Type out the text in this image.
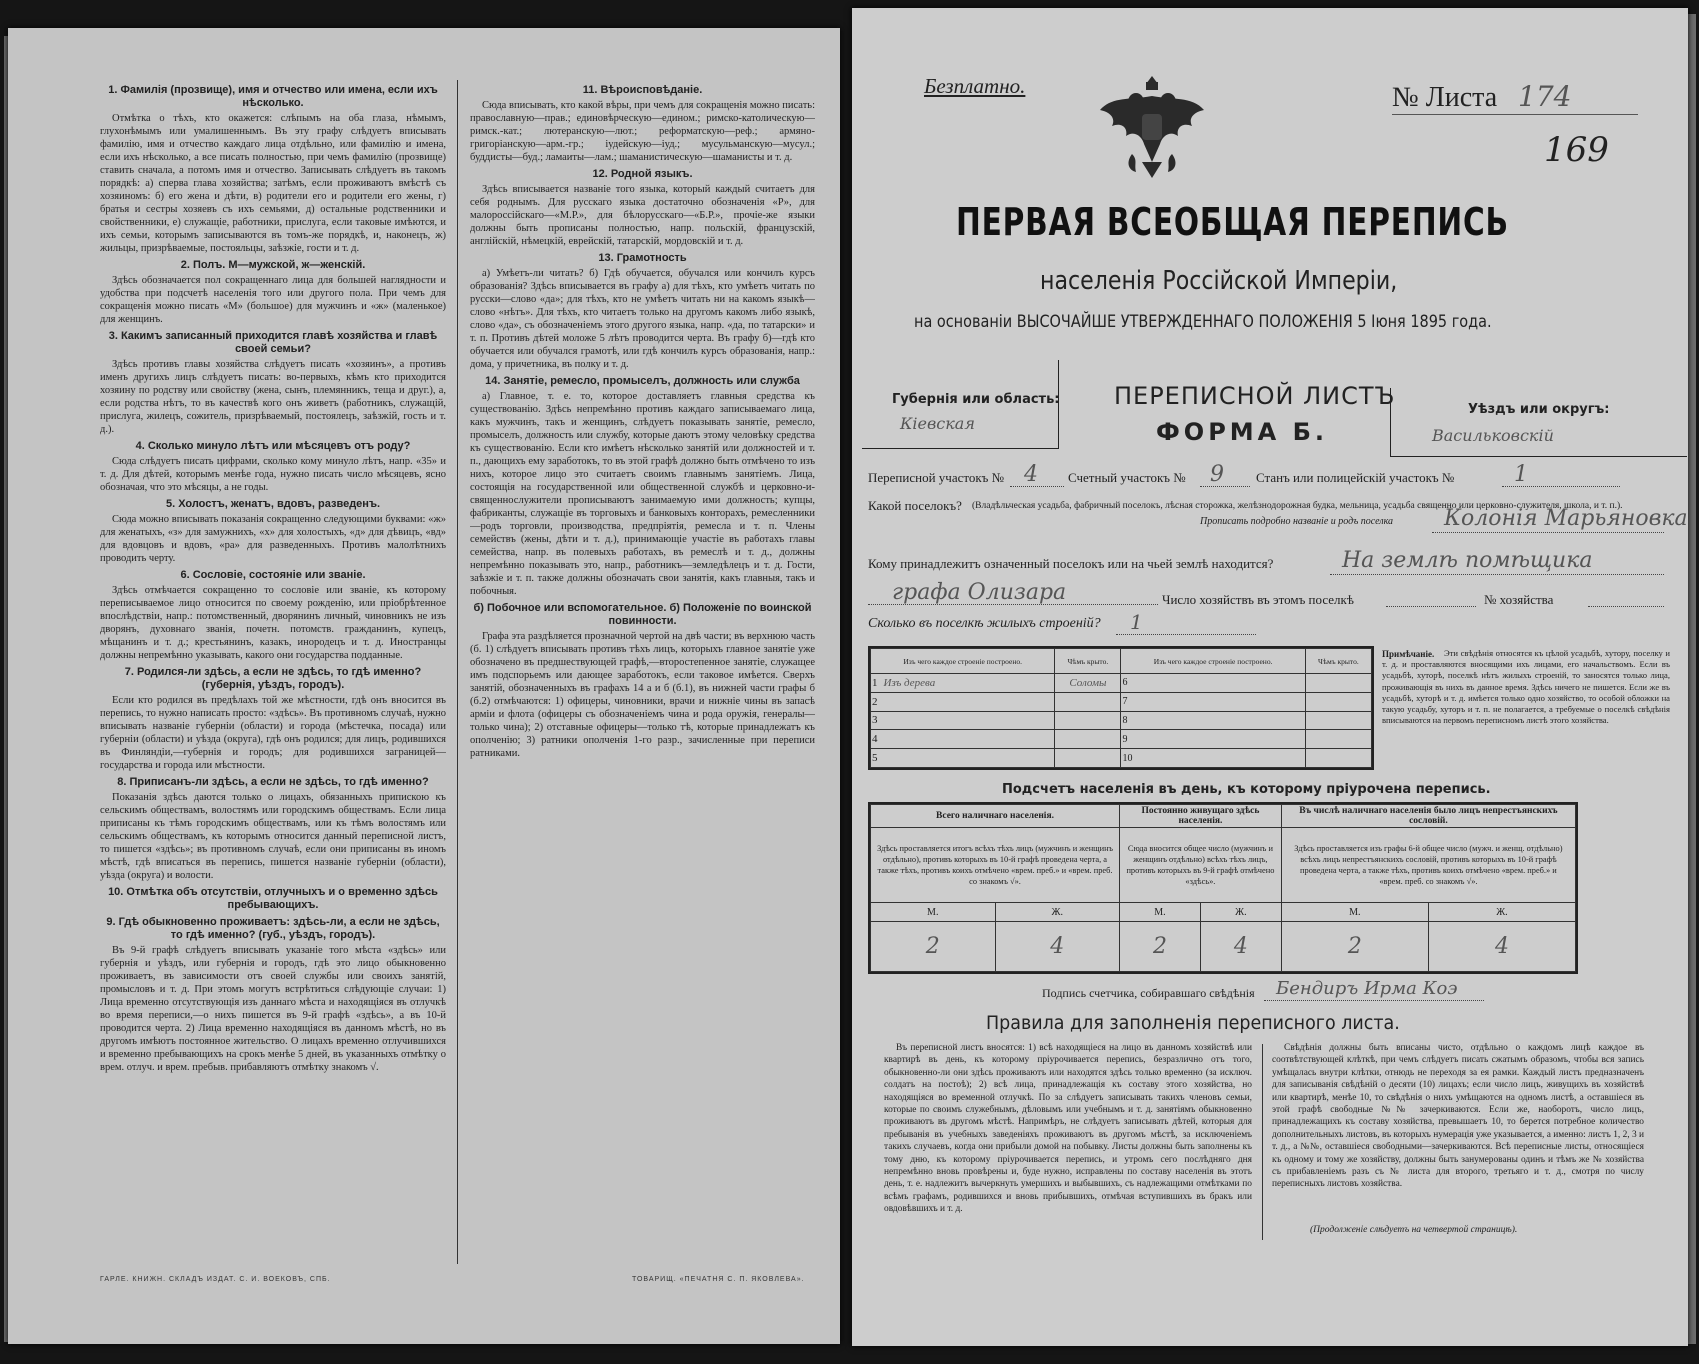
1. Фамилія (прозвище), имя и отчество или имена, если иxъ нѣсколько.

Отмѣтка о тѣхъ, кто окажется: слѣпымъ на оба глаза, нѣмымъ, глухонѣмымъ или умалишеннымъ. Въ эту графу слѣдуетъ вписывать фамилію, имя и отчество каждаго лица отдѣльно, или фамилію и имена, если ихъ нѣсколько, а все писать полностью, при чемъ фамилію (прозвище) ставить сначала, а потомъ имя и отчество. Записывать слѣдуетъ въ такомъ порядкѣ: а) сперва глава хозяйства; затѣмъ, если проживаютъ вмѣстѣ съ хозяиномъ: б) его жена и дѣти, в) родители его и родители его жены, г) братья и сестры хозяевъ съ ихъ семьями, д) остальные родственники и свойственники, е) служащіе, работники, прислуга, если таковые имѣются, и ихъ семьи, которымъ записываются въ томъ-же порядкѣ, и, наконецъ, ж) жильцы, призрѣваемые, постояльцы, заѣзжіе, гости и т. д.

2. Полъ. М—мужской, ж—женскій.

Здѣсь обозначается пол сокращеннаго лица для большей наглядности и удобства при подсчетѣ населенія того или другого пола. При чемъ для сокращенія можно писать «М» (большое) для мужчинъ и «ж» (маленькое) для женщинъ.

3. Какимъ записанный приходится главѣ хозяйства и главѣ своей семьи?

Здѣсь противъ главы хозяйства слѣдуетъ писать «хозяинъ», а противъ именъ другихъ лицъ слѣдуетъ писать: во-первыхъ, кѣмъ кто приходится хозяину по родству или свойству (жена, сынъ, племянникъ, теща и друг.), а, если родства нѣтъ, то въ качествѣ кого онъ живетъ (работникъ, служащій, прислуга, жилецъ, сожитель, призрѣваемый, постоялецъ, заѣзжій, гость и т. д.).

4. Сколько минуло лѣтъ или мѣсяцевъ отъ роду?

Сюда слѣдуетъ писать цифрами, сколько кому минуло лѣтъ, напр. «35» и т. д. Для дѣтей, которымъ менѣе года, нужно писать число мѣсяцевъ, ясно обозначая, что это мѣсяцы, а не годы.

5. Холостъ, женатъ, вдовъ, разведенъ.

Сюда можно вписывать показанія сокращенно следующими буквами: «ж» для женатыхъ, «з» для замужнихъ, «х» для холостыхъ, «д» для дѣвицъ, «вд» для вдовцовъ и вдовъ, «ра» для разведенныхъ. Противъ малолѣтнихъ проводить черту.

6. Сословіе, состояніе или званіе.

Здѣсь отмѣчается сокращенно то сословіе или званіе, къ которому переписываемое лицо относится по своему рожденію, или пріобрѣтенное впослѣдствіи, напр.: потомственный, дворянинъ личный, чиновникъ не изъ дворянъ, духовнаго званія, почетн. потомств. гражданинъ, купецъ, мѣщанинъ и т. д.; крестьянинъ, казакъ, инородецъ и т. д. Иностранцы должны непремѣнно указывать, какого они государства подданные.

7. Родился-ли здѣсь, а если не здѣсь, то гдѣ именно? (губернія, уѣздъ, городъ).

Если кто родился въ предѣлахъ той же мѣстности, гдѣ онъ вносится въ перепись, то нужно написать просто: «здѣсь». Въ противномъ случаѣ, нужно вписывать названіе губерніи (области) и города (мѣстечка, посада) или губерніи (области) и уѣзда (округа), гдѣ онъ родился; для лицъ, родившихся въ Финляндіи,—губернія и городъ; для родившихся заграницей—государства и города или мѣстности.

8. Приписанъ-ли здѣсь, а если не здѣсь, то гдѣ именно?

Показанія здѣсь даются только о лицахъ, обязанныхъ припискою къ сельскимъ обществамъ, волостямъ или городскимъ обществамъ. Если лица приписаны къ тѣмъ городскимъ обществамъ, или къ тѣмъ волостямъ или сельскимъ обществамъ, къ которымъ относится данный переписной листъ, то пишется «здѣсь»; въ противномъ случаѣ, если они приписаны въ иномъ мѣстѣ, гдѣ вписаться въ перепись, пишется названіе губерніи (области), уѣзда (округа) и волости.

10. Отмѣтка объ отсутствіи, отлучныхъ и о временно здѣсь пребывающихъ.
9. Гдѣ обыкновенно проживаетъ: здѣсь-ли, а если не здѣсь, то гдѣ именно? (губ., уѣздъ, городъ).

Въ 9-й графѣ слѣдуетъ вписывать указаніе того мѣста «здѣсь» или губернія и уѣздъ, или губернія и городъ, гдѣ это лицо обыкновенно проживаетъ, въ зависимости отъ своей службы или своихъ занятій, промысловъ и т. д. При этомъ могутъ встрѣтиться слѣдующіе случаи: 1) Лица временно отсутствующія изъ даннаго мѣста и находящіяся въ отлучкѣ во время переписи,—о нихъ пишется въ 9-й графѣ «здѣсь», а въ 10-й проводится черта. 2) Лица временно находящіяся въ данномъ мѣстѣ, но въ другомъ имѣютъ постоянное жительство. О лицахъ временно отлучившихся и временно пребывающихъ на срокъ менѣе 5 дней, въ указанныхъ отмѣтку о врем. отлуч. и врем. пребыв. прибавляютъ отмѣтку знакомъ √.

11. Вѣроисповѣданіе.

Сюда вписывать, кто какой вѣры, при чемъ для сокращенія можно писать: православную—прав.; единовѣрческую—едином.; римско-католическую—римск.-кат.; лютеранскую—лют.; реформатскую—реф.; армяно-григоріанскую—арм.-гр.; іудейскую—іуд.; мусульманскую—мусул.; буддисты—буд.; ламаиты—лам.; шаманистическую—шаманисты и т. д.

12. Родной языкъ.

Здѣсь вписывается названіе того языка, который каждый считаетъ для себя роднымъ. Для русскаго языка достаточно обозначенія «Р», для малороссійскаго—«М.Р.», для бѣлорусскаго—«Б.Р.», прочіе-же языки должны быть прописаны полностью, напр. польскій, французскій, англійскій, нѣмецкій, еврейскій, татарскій, мордовскій и т. д.

13. Грамотность

а) Умѣетъ-ли читать? б) Гдѣ обучается, обучался или кончилъ курсъ образованія? Здѣсь вписывается въ графу а) для тѣхъ, кто умѣетъ читать по русски—слово «да»; для тѣхъ, кто не умѣетъ читать ни на какомъ языкѣ—слово «нѣтъ». Для тѣхъ, кто читаетъ только на другомъ какомъ либо языкѣ, слово «да», съ обозначеніемъ этого другого языка, напр. «да, по татарски» и т. п. Противъ дѣтей моложе 5 лѣтъ проводится черта. Въ графу б)—гдѣ кто обучается или обучался грамотѣ, или гдѣ кончилъ курсъ образованія, напр.: дома, у причетника, въ полку и т. д.

14. Занятіе, ремесло, промыселъ, должность или служба

а) Главное, т. е. то, которое доставляетъ главныя средства къ существованію. Здѣсь непремѣнно противъ каждаго записываемаго лица, какъ мужчинъ, такъ и женщинъ, слѣдуетъ показывать занятіе, ремесло, промыселъ, должность или службу, которые даютъ этому человѣку средства къ существованію. Если кто имѣетъ нѣсколько занятій или должностей и т. п., дающихъ ему заработокъ, то въ этой графѣ должно быть отмѣчено то изъ нихъ, которое лицо это считаетъ своимъ главнымъ занятіемъ. Лица, состоящія на государственной или общественной службѣ и церковно-и-священнослужители прописываютъ занимаемую ими должность; купцы, фабриканты, служащіе въ торговыхъ и банковыхъ конторахъ, ремесленники—родъ торговли, производства, предпріятія, ремесла и т. п. Члены семействъ (жены, дѣти и т. д.), принимающіе участіе въ работахъ главы семейства, напр. въ полевыхъ работахъ, въ ремеслѣ и т. д., должны непремѣнно показывать это, напр., работникъ—земледѣлецъ и т. д. Гости, заѣзжіе и т. п. также должны обозначать свои занятія, какъ главныя, такъ и побочныя.

б) Побочное или вспомогательное. б) Положеніе по воинской повинности.

Графа эта раздѣляется прозначной чертой на двѣ части; въ верхнюю часть (б. 1) слѣдуетъ вписывать противъ тѣхъ лицъ, которыхъ главное занятіе уже обозначено въ предшествующей графѣ,—второстепенное занятіе, служащее имъ подспорьемъ или дающее заработокъ, если таковое имѣется. Сверхъ занятій, обозначенныхъ въ графахъ 14 а и б (б.1), въ нижней части графы б (б.2) отмѣчаются: 1) офицеры, чиновники, врачи и нижніе чины въ запасѣ армiи и флота (офицеры съ обозначеніемъ чина и рода оружія, генералы—только чина); 2) отставные офицеры—только тѣ, которые принадлежатъ къ ополченію; 3) ратники ополченія 1-го разр., зачисленные при переписи ратниками.

ГАРЛЕ. КНИЖН. СКЛАДЪ ИЗДАТ. С. И. ВОЕКОВЪ, СПБ.	ТОВАРИЩ. «ПЕЧАТНЯ С. П. ЯКОВЛЕВА».
Безплатно.	№ Листа 174
169
ПЕРВАЯ ВСЕОБЩАЯ ПЕРЕПИСЬ
населенія Россійской Имперіи,
на основаніи ВЫСОЧАЙШЕ УТВЕРЖДЕННАГО ПОЛОЖЕНІЯ 5 Іюня 1895 года.
Губернія или область:
Кіевская
ПЕРЕПИСНОЙ ЛИСТЪ
ФОРМА Б.
Уѣздъ или округъ:
Васильковскій
Переписной участокъ № 4 Счетный участокъ № 9 Станъ или полицейскій участокъ №	1
Какой поселокъ? (Владѣльческая усадьба, фабричный поселокъ, лѣсная сторожка, желѣзнодорожная будка, мельница, усадьба священно или церковно-служителя, школа, и т. п.).
Прописать подробно названіе и родъ поселка Колонія Марьяновка
Кому принадлежитъ означенный поселокъ или на чьей землѣ находится?	На землѣ помѣщика
графа Олизара	Число хозяйствъ въ этомъ поселкѣ	№ хозяйства
Сколько въ поселкѣ жилыхъ строеній? 1
Изъ чего каждое строеніе построено.	Чѣмъ крыто.	Изъ чего каждое строеніе построено.	Чѣмъ крыто.
1 Изъ дерева	Соломы	6	
2		7	
3		8	
4		9	
5		10	
Примѣчаніе.	Эти свѣдѣнія относятся къ цѣлой усадьбѣ, хутору, поселку и т. д. и проставляются вносящими ихъ лицами, его начальствомъ. Если въ усадьбѣ, хуторѣ, поселкѣ нѣтъ жилыхъ строеній, то заносятся только лица, проживающія въ нихъ въ данное время. Здѣсь ничего не пишется. Если же въ усадьбѣ, хуторѣ и т. д. имѣется только одно хозяйство, то особой обложки на такую усадьбу, хуторъ и т. п. не полагается, а требуемые о поселкѣ свѣдѣнія вписываются на первомъ переписномъ листѣ этого хозяйства.
Подсчетъ населенія въ день, къ которому пріурочена перепись.
Всего наличнаго населенія.		Постоянно живущаго здѣсь населенія.		Въ числѣ наличнаго населенія было лицъ непрестъянскихъ сословій.	
Здѣсь проставляется итогъ всѣхъ тѣхъ лицъ (мужчинъ и женщинъ отдѣльно), противъ которыхъ въ 10-й графѣ проведена черта, а также тѣхъ, противъ коихъ отмѣчено «врем. преб.» и «врем. преб. со знакомъ √».		Сюда вносится общее число (мужчинъ и женщинъ отдѣльно) всѣхъ тѣхъ лицъ, противъ которыхъ въ 9-й графѣ отмѣчено «здѣсь».		Здѣсь проставляется изъ графы 6-й общее число (мужч. и женщ. отдѣльно) всѣхъ лицъ непрестъянскихъ сословій, противъ которыхъ въ 10-й графѣ проведена черта, а также тѣхъ, противъ коихъ отмѣчено «врем. преб.» и «врем. преб. со знакомъ √».	
М.	Ж.	М.	Ж.	М.	Ж.
2	4	2	4	2	4
Подпись счетчика, собиравшаго свѣдѣнія Бендиръ Ирма Коэ
Правила для заполненія переписного листа.
Въ переписной листъ вносятся: 1) всѣ находящіеся на лицо въ данномъ хозяйствѣ или квартирѣ въ день, къ которому пріурочивается перепись, безразлично отъ того, обыкновенно-ли они здѣсь проживаютъ или находятся здѣсь только временно (за исключ. солдатъ на постоѣ); 2) всѣ лица, принадлежащія къ составу этого хозяйства, но находящіяся во временной отлучкѣ. По за слѣдуетъ записывать такихъ членовъ семьи, которые по своимъ служебнымъ, дѣловымъ или учебнымъ и т. д. занятіямъ обыкновенно проживаютъ въ другомъ мѣстѣ. Напримѣръ, не слѣдуетъ записывать дѣтей, которыя для пребыванія въ учебныхъ заведеніяхъ проживаютъ въ другомъ мѣстѣ, за исключеніемъ такихъ случаевъ, когда они прибыли домой на побывку. Листы должны быть заполнены къ тому дню, къ которому пріурочивается перепись, и утромъ сего послѣдняго дня непремѣнно вновь провѣрены и, буде нужно, исправлены по составу населенія въ этотъ день, т. е. надлежитъ вычеркнуть умершихъ и выбывшихъ, съ надлежащими отмѣтками по всѣмъ графамъ, родившихся и вновь прибывшихъ, отмѣчая вступившихъ въ бракъ или овдовѣвшихъ и т. д.
Свѣдѣнія должны быть вписаны чисто, отдѣльно о каждомъ лицѣ каждое въ соотвѣтствующей клѣткѣ, при чемъ слѣдуетъ писать сжатымъ образомъ, чтобы вся запись умѣщалась внутри клѣтки, отнюдь не переходя за ея рамки. Каждый листъ предназначенъ для записыванія свѣдѣній о десяти (10) лицахъ; если число лицъ, живущихъ въ хозяйствѣ или квартирѣ, менѣе 10, то свѣдѣнія о нихъ умѣщаются на одномъ листѣ, а оставшіеся въ этой графѣ свободные №№ зачеркиваются. Если же, наоборотъ, число лицъ, принадлежащихъ къ составу хозяйства, превышаетъ 10, то берется потребное количество дополнительныхъ листовъ, въ которыхъ нумерація уже указывается, а именно: листъ 1, 2, 3 и т. д., а №№, оставшіеся свободными—зачеркиваются. Всѣ переписные листы, относящіеся къ одному и тому же хозяйству, должны быть занумерованы одинъ и тѣмъ же № хозяйства съ прибавленіемъ разъ съ № листа для второго, третьяго и т. д., смотря по числу переписныхъ листовъ хозяйства.
(Продолженіе слѣдуетъ на четвертой страницѣ).
